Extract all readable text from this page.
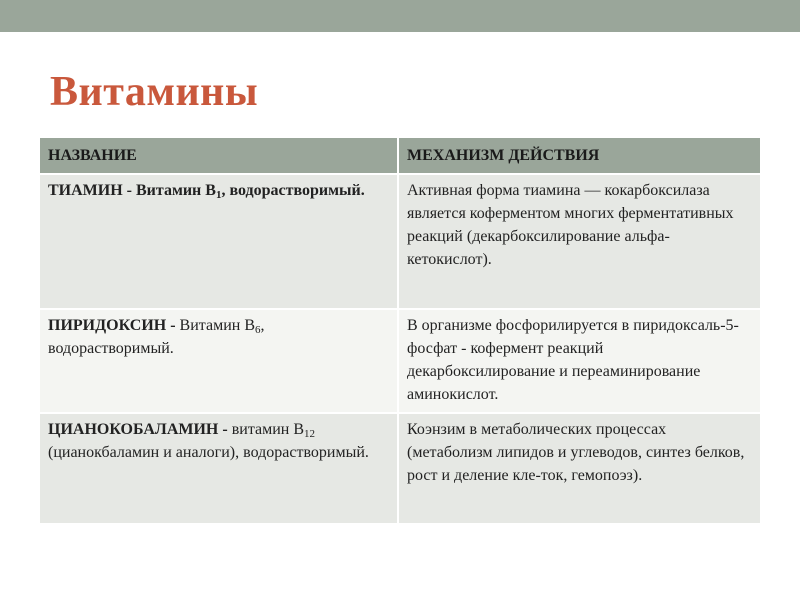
Витамины
НАЗВАНИЕ	МЕХАНИЗМ ДЕЙСТВИЯ
ТИАМИН - Витамин $B_1$, водорастворимый.	Активная форма тиамина — кокарбоксилаза является коферментом многих ферментативных реакций (декарбоксилирование альфа-кетокислот).
ПИРИДОКСИН - Витамин $B_6$, водорастворимый.	В организме фосфорилируется в пиридоксаль-5-фосфат - кофермент реакций декарбоксилирование и переаминирование аминокислот.
ЦИАНОКОБАЛАМИН - витамин $B_{12}$ (цианокбаламин и аналоги), водорастворимый.	Коэнзим в метаболических процессах (метаболизм липидов и углеводов, синтез белков, рост и деление кле-ток, гемопоэз).
